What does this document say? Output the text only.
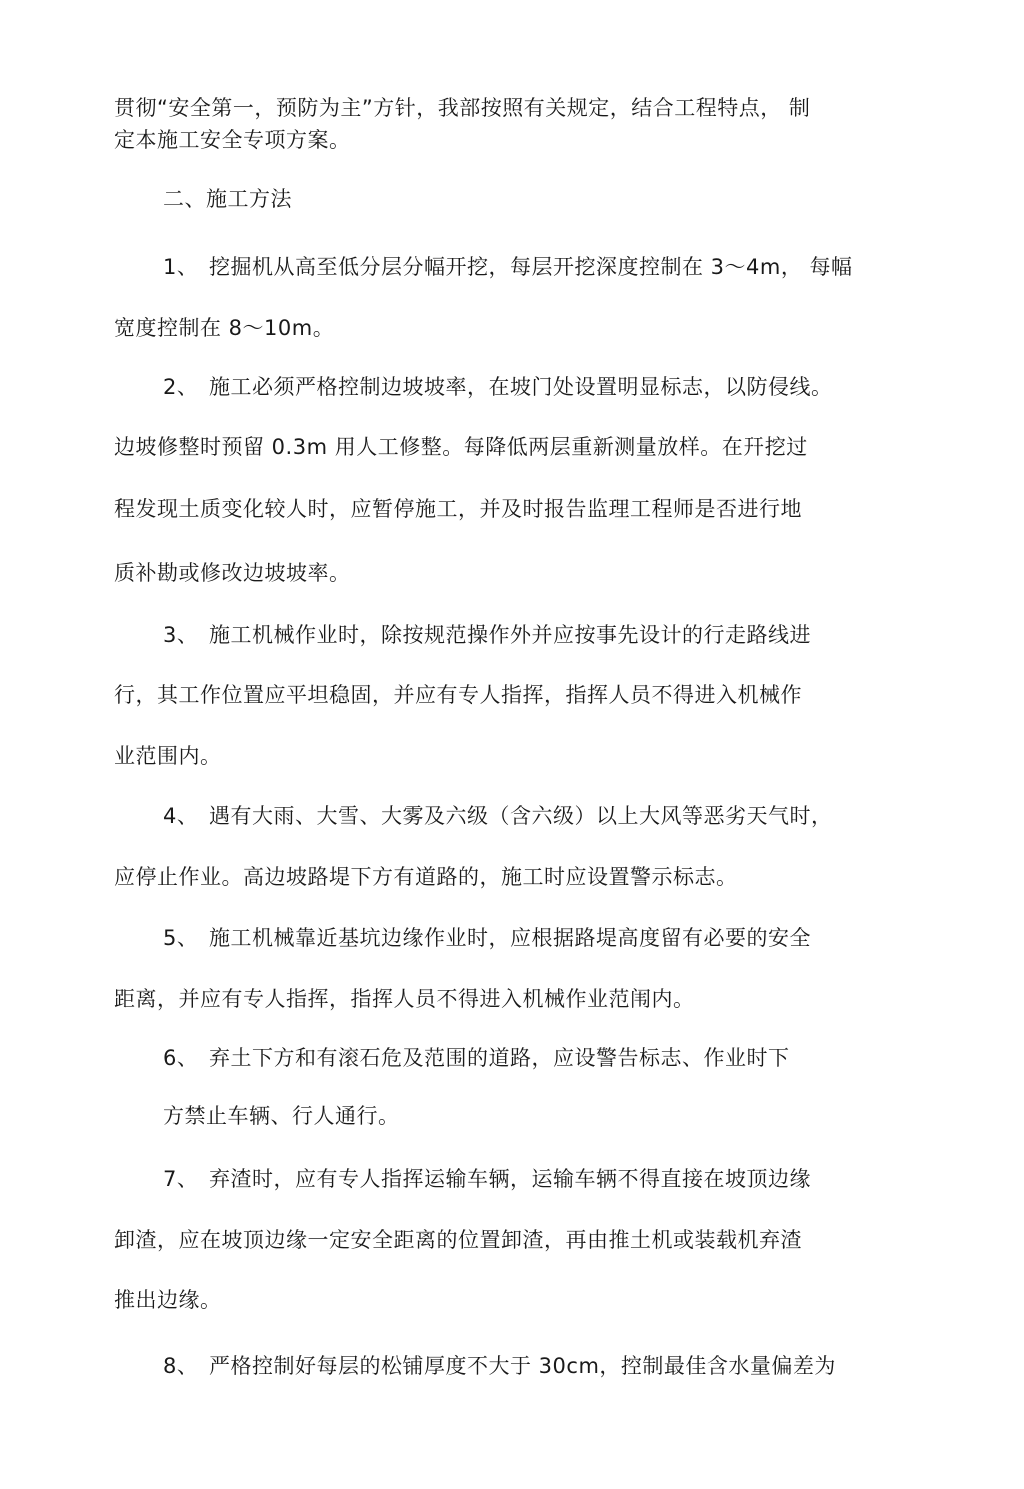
贯彻“安全第一，预防为主”方针，我部按照有关规定，结合工程特点， 制
定本施工安全专项方案。
二、施工方法
1、 挖掘机从高至低分层分幅开挖，每层开挖深度控制在 3～4m， 每幅
宽度控制在 8～10m。
2、 施工必须严格控制边坡坡率，在坡门处设置明显标志，以防侵线。
边坡修整时预留 0.3m 用人工修整。每降低两层重新测量放样。在幵挖过
程发现土质变化较人时，应暂停施工，并及时报告监理工程师是否进行地
质补勘或修改边坡坡率。
3、 施工机械作业时，除按规范操作外并应按事先设计的行走路线进
行，其工作位置应平坦稳固，并应有专人指挥，指挥人员不得进入机械作
业范围内。
4、 遇有大雨、大雪、大雾及六级（含六级）以上大风等恶劣天气时，
应停止作业。高边坡路堤下方有道路的，施工时应设置警示标志。
5、 施工机械靠近基坑边缘作业时，应根据路堤高度留有必要的安全
距离，并应有专人指挥，指挥人员不得进入机械作业范闱内。
6、 弃土下方和有滚石危及范围的道路，应设警告标志、作业时下
方禁止车辆、行人通行。
7、 弃渣时，应有专人指挥运输车辆，运输车辆不得直接在坡顶边缘
卸渣，应在坡顶边缘一定安全距离的位置卸渣，再由推土机或装载机弃渣
推出边缘。
8、 严格控制好每层的松铺厚度不大于 30cm，控制最佳含水量偏差为
